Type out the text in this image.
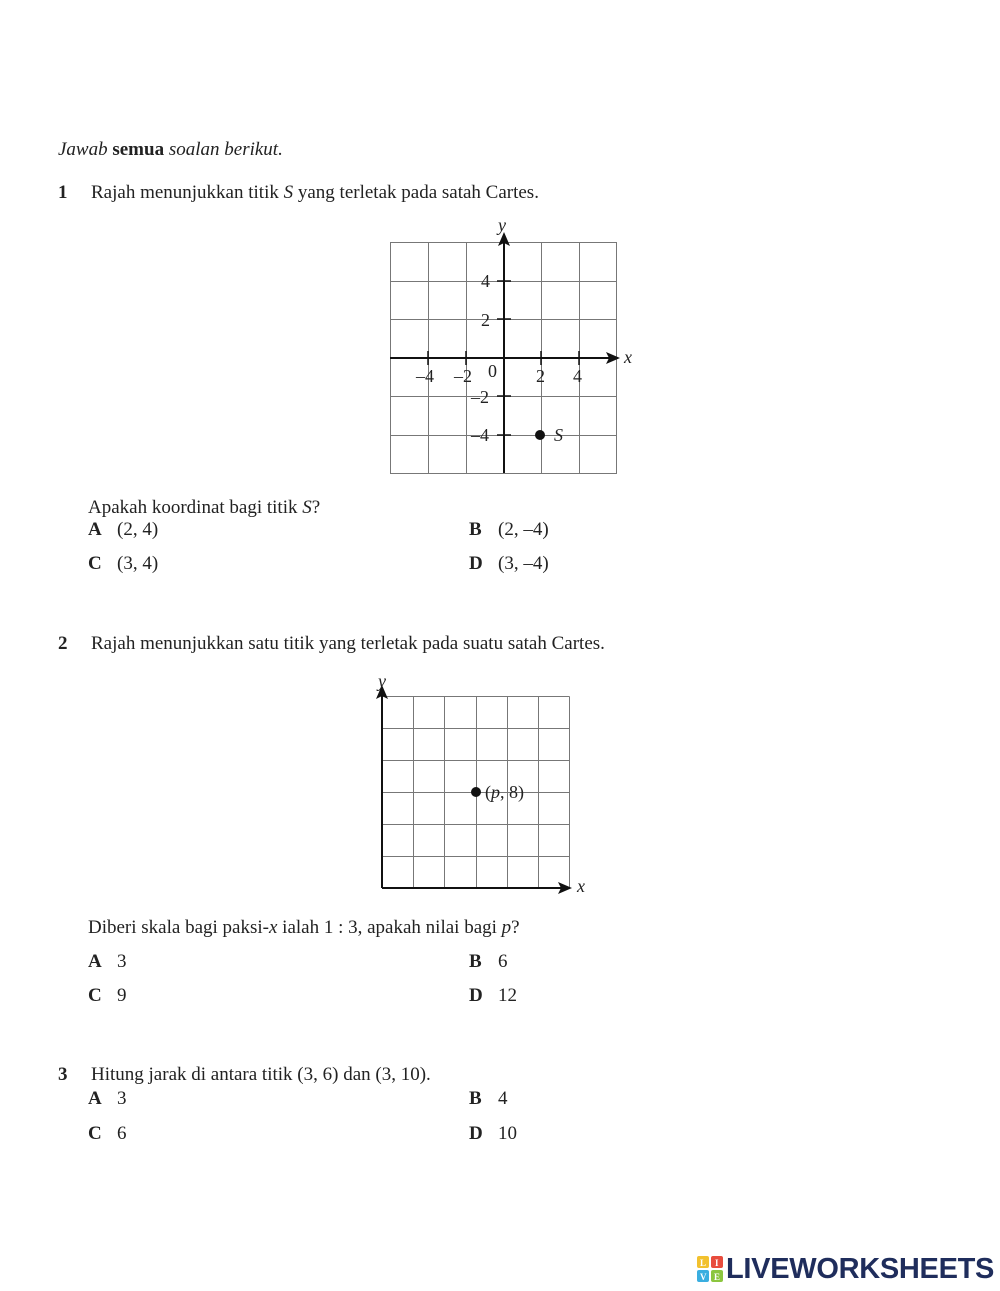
Jawab semua soalan berikut.
1 Rajah menunjukkan titik S yang terletak pada satah Cartes.
y
x
–4 –2	2 4
0
4
2
–2
–4	S
Apakah koordinat bagi titik S?
A (2, 4)	B (2, –4)
C (3, 4)	D (3, –4)
2 Rajah menunjukkan satu titik yang terletak pada suatu satah Cartes.
y
x
(p, 8)
Diberi skala bagi paksi-x ialah 1 : 3, apakah nilai bagi p?
A 3	B 6
C 9	D 12
3 Hitung jarak di antara titik (3, 6) dan (3, 10).
A 3	B 4
C 6	D 10
L I
V E LIVEWORKSHEETS
